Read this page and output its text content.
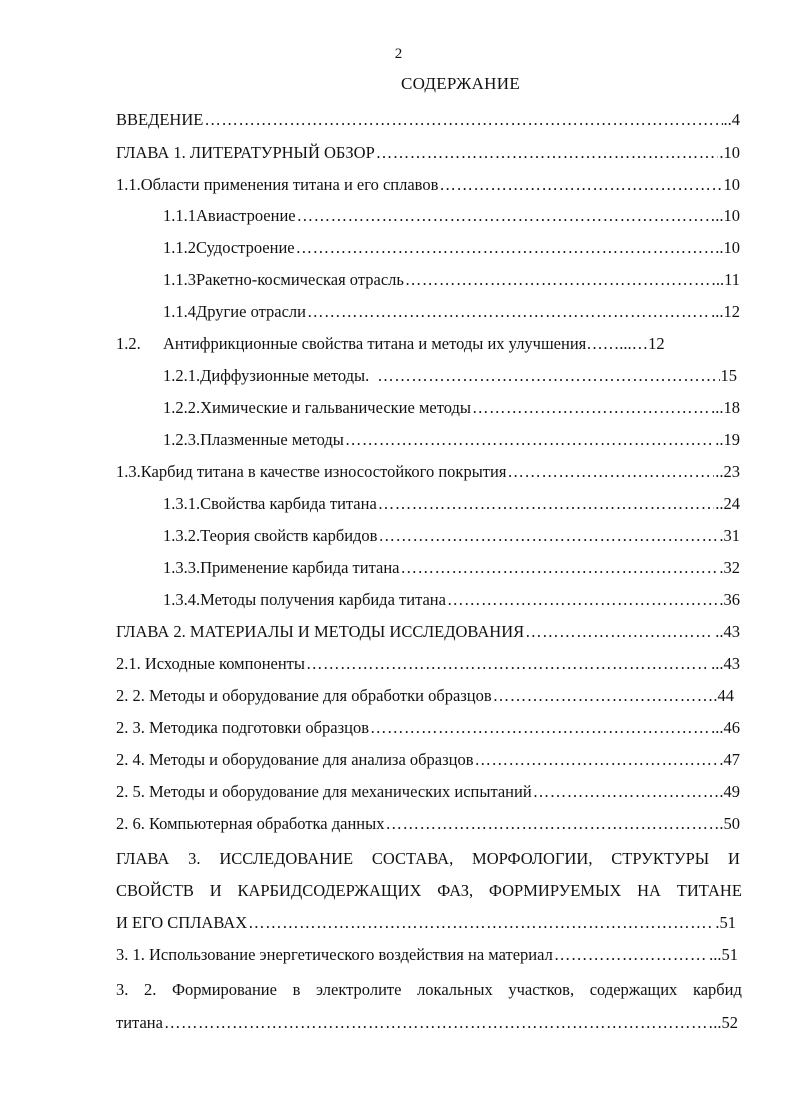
2
СОДЕРЖАНИЕ
ВВЕДЕНИЕ …………………………………………………………………………………………………………………………………………………………………………………………	..4
ГЛАВА 1. ЛИТЕРАТУРНЫЙ ОБЗОР …………………………………………………………………………………………………………………………………………………………………………………………	.10
1.1. Области применения титана и его сплавов …………………………………………………………………………………………………………………………………………………………………………………………	10
1.1.1 Авиастроение …………………………………………………………………………………………………………………………………………………………………………………………	..10
1.1.2 Судостроение …………………………………………………………………………………………………………………………………………………………………………………………	..10
1.1.3 Ракетно-космическая отрасль …………………………………………………………………………………………………………………………………………………………………………………………	..11
1.1.4 Другие отрасли …………………………………………………………………………………………………………………………………………………………………………………………	...12
1.2.	Антифрикционные свойства титана и методы их улучшения ……...…12
1.2.1. Диффузионные методы. …………………………………………………………………………………………………………………………………………………………………………………………	15
1.2.2. Химические и гальванические методы …………………………………………………………………………………………………………………………………………………………………………………………	...18
1.2.3. Плазменные методы …………………………………………………………………………………………………………………………………………………………………………………………	..19
1.3. Карбид титана в качестве износостойкого покрытия …………………………………………………………………………………………………………………………………………………………………………………………	..23
1.3.1. Свойства карбида титана …………………………………………………………………………………………………………………………………………………………………………………………	..24
1.3.2. Теория свойств карбидов …………………………………………………………………………………………………………………………………………………………………………………………	.31
1.3.3. Применение карбида титана …………………………………………………………………………………………………………………………………………………………………………………………	.32
1.3.4. Методы получения карбида титана …………………………………………………………………………………………………………………………………………………………………………………………	.36
ГЛАВА 2. МАТЕРИАЛЫ И МЕТОДЫ ИССЛЕДОВАНИЯ …………………………………………………………………………………………………………………………………………………………………………………………	..43
2.1. Исходные компоненты …………………………………………………………………………………………………………………………………………………………………………………………	...43
2. 2. Методы и оборудование для обработки образцов …………………………………………………………………………………………………………………………………………………………………………………………	.44
2. 3. Методика подготовки образцов …………………………………………………………………………………………………………………………………………………………………………………………	...46
2. 4. Методы и оборудование для анализа образцов …………………………………………………………………………………………………………………………………………………………………………………………	.47
2. 5. Методы и оборудование для механических испытаний …………………………………………………………………………………………………………………………………………………………………………………………	.49
2. 6. Компьютерная обработка данных …………………………………………………………………………………………………………………………………………………………………………………………	.50
ГЛАВА 3. ИССЛЕДОВАНИЕ СОСТАВА, МОРФОЛОГИИ, СТРУКТУРЫ И
СВОЙСТВ И КАРБИДСОДЕРЖАЩИХ ФАЗ, ФОРМИРУЕМЫХ НА ТИТАНЕ
И ЕГО СПЛАВАХ …………………………………………………………………………………………………………………………………………………………………………………………	.51
3. 1. Использование энергетического воздействия на материал …………………………………………………………………………………………………………………………………………………………………………………………	...51
3. 2. Формирование в электролите локальных участков, содержащих карбид
титана …………………………………………………………………………………………………………………………………………………………………………………………	..52
